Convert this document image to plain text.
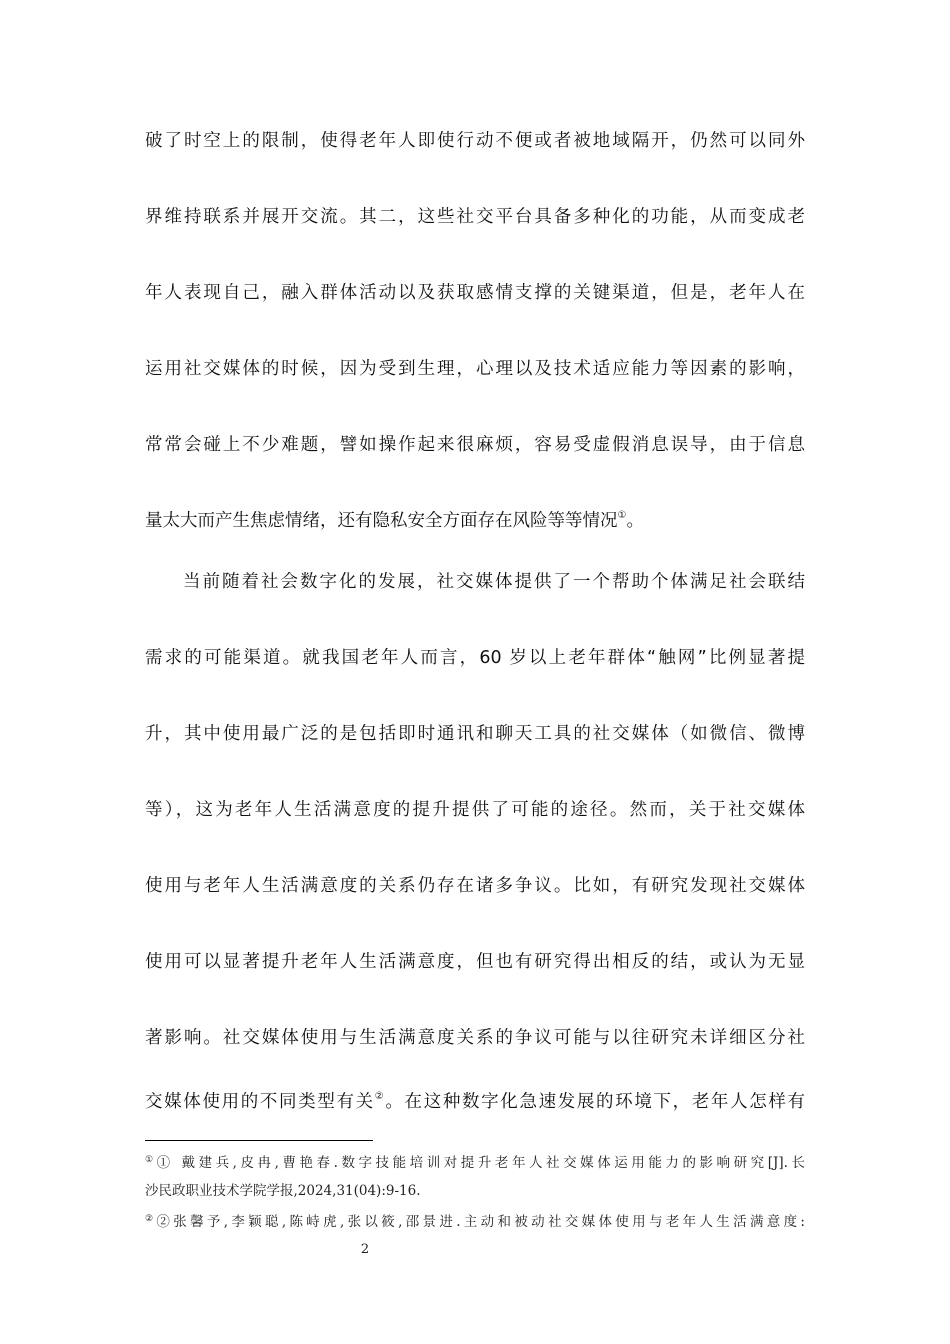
破了时空上的限制，使得老年人即使行动不便或者被地域隔开，仍然可以同外
界维持联系并展开交流。其二，这些社交平台具备多种化的功能，从而变成老
年人表现自己，融入群体活动以及获取感情支撑的关键渠道，但是，老年人在
运用社交媒体的时候，因为受到生理，心理以及技术适应能力等因素的影响，
常常会碰上不少难题，譬如操作起来很麻烦，容易受虚假消息误导，由于信息
量太大而产生焦虑情绪，还有隐私安全方面存在风险等等情况①。
当前随着社会数字化的发展，社交媒体提供了一个帮助个体满足社会联结
需求的可能渠道。就我国老年人而言，60 岁以上老年群体“触网”比例显著提
升，其中使用最广泛的是包括即时通讯和聊天工具的社交媒体（如微信、微博
等），这为老年人生活满意度的提升提供了可能的途径。然而，关于社交媒体
使用与老年人生活满意度的关系仍存在诸多争议。比如，有研究发现社交媒体
使用可以显著提升老年人生活满意度，但也有研究得出相反的结，或认为无显
著影响。社交媒体使用与生活满意度关系的争议可能与以往研究未详细区分社
交媒体使用的不同类型有关②。在这种数字化急速发展的环境下，老年人怎样有
①① 戴建兵,皮冉,曹艳春.数字技能培训对提升老年人社交媒体运用能力的影响研究[J].长
沙民政职业技术学院学报,2024,31(04):9-16.
②②张馨予,李颖聪,陈峙虎,张以筱,邵景进.主动和被动社交媒体使用与老年人生活满意度:
2
